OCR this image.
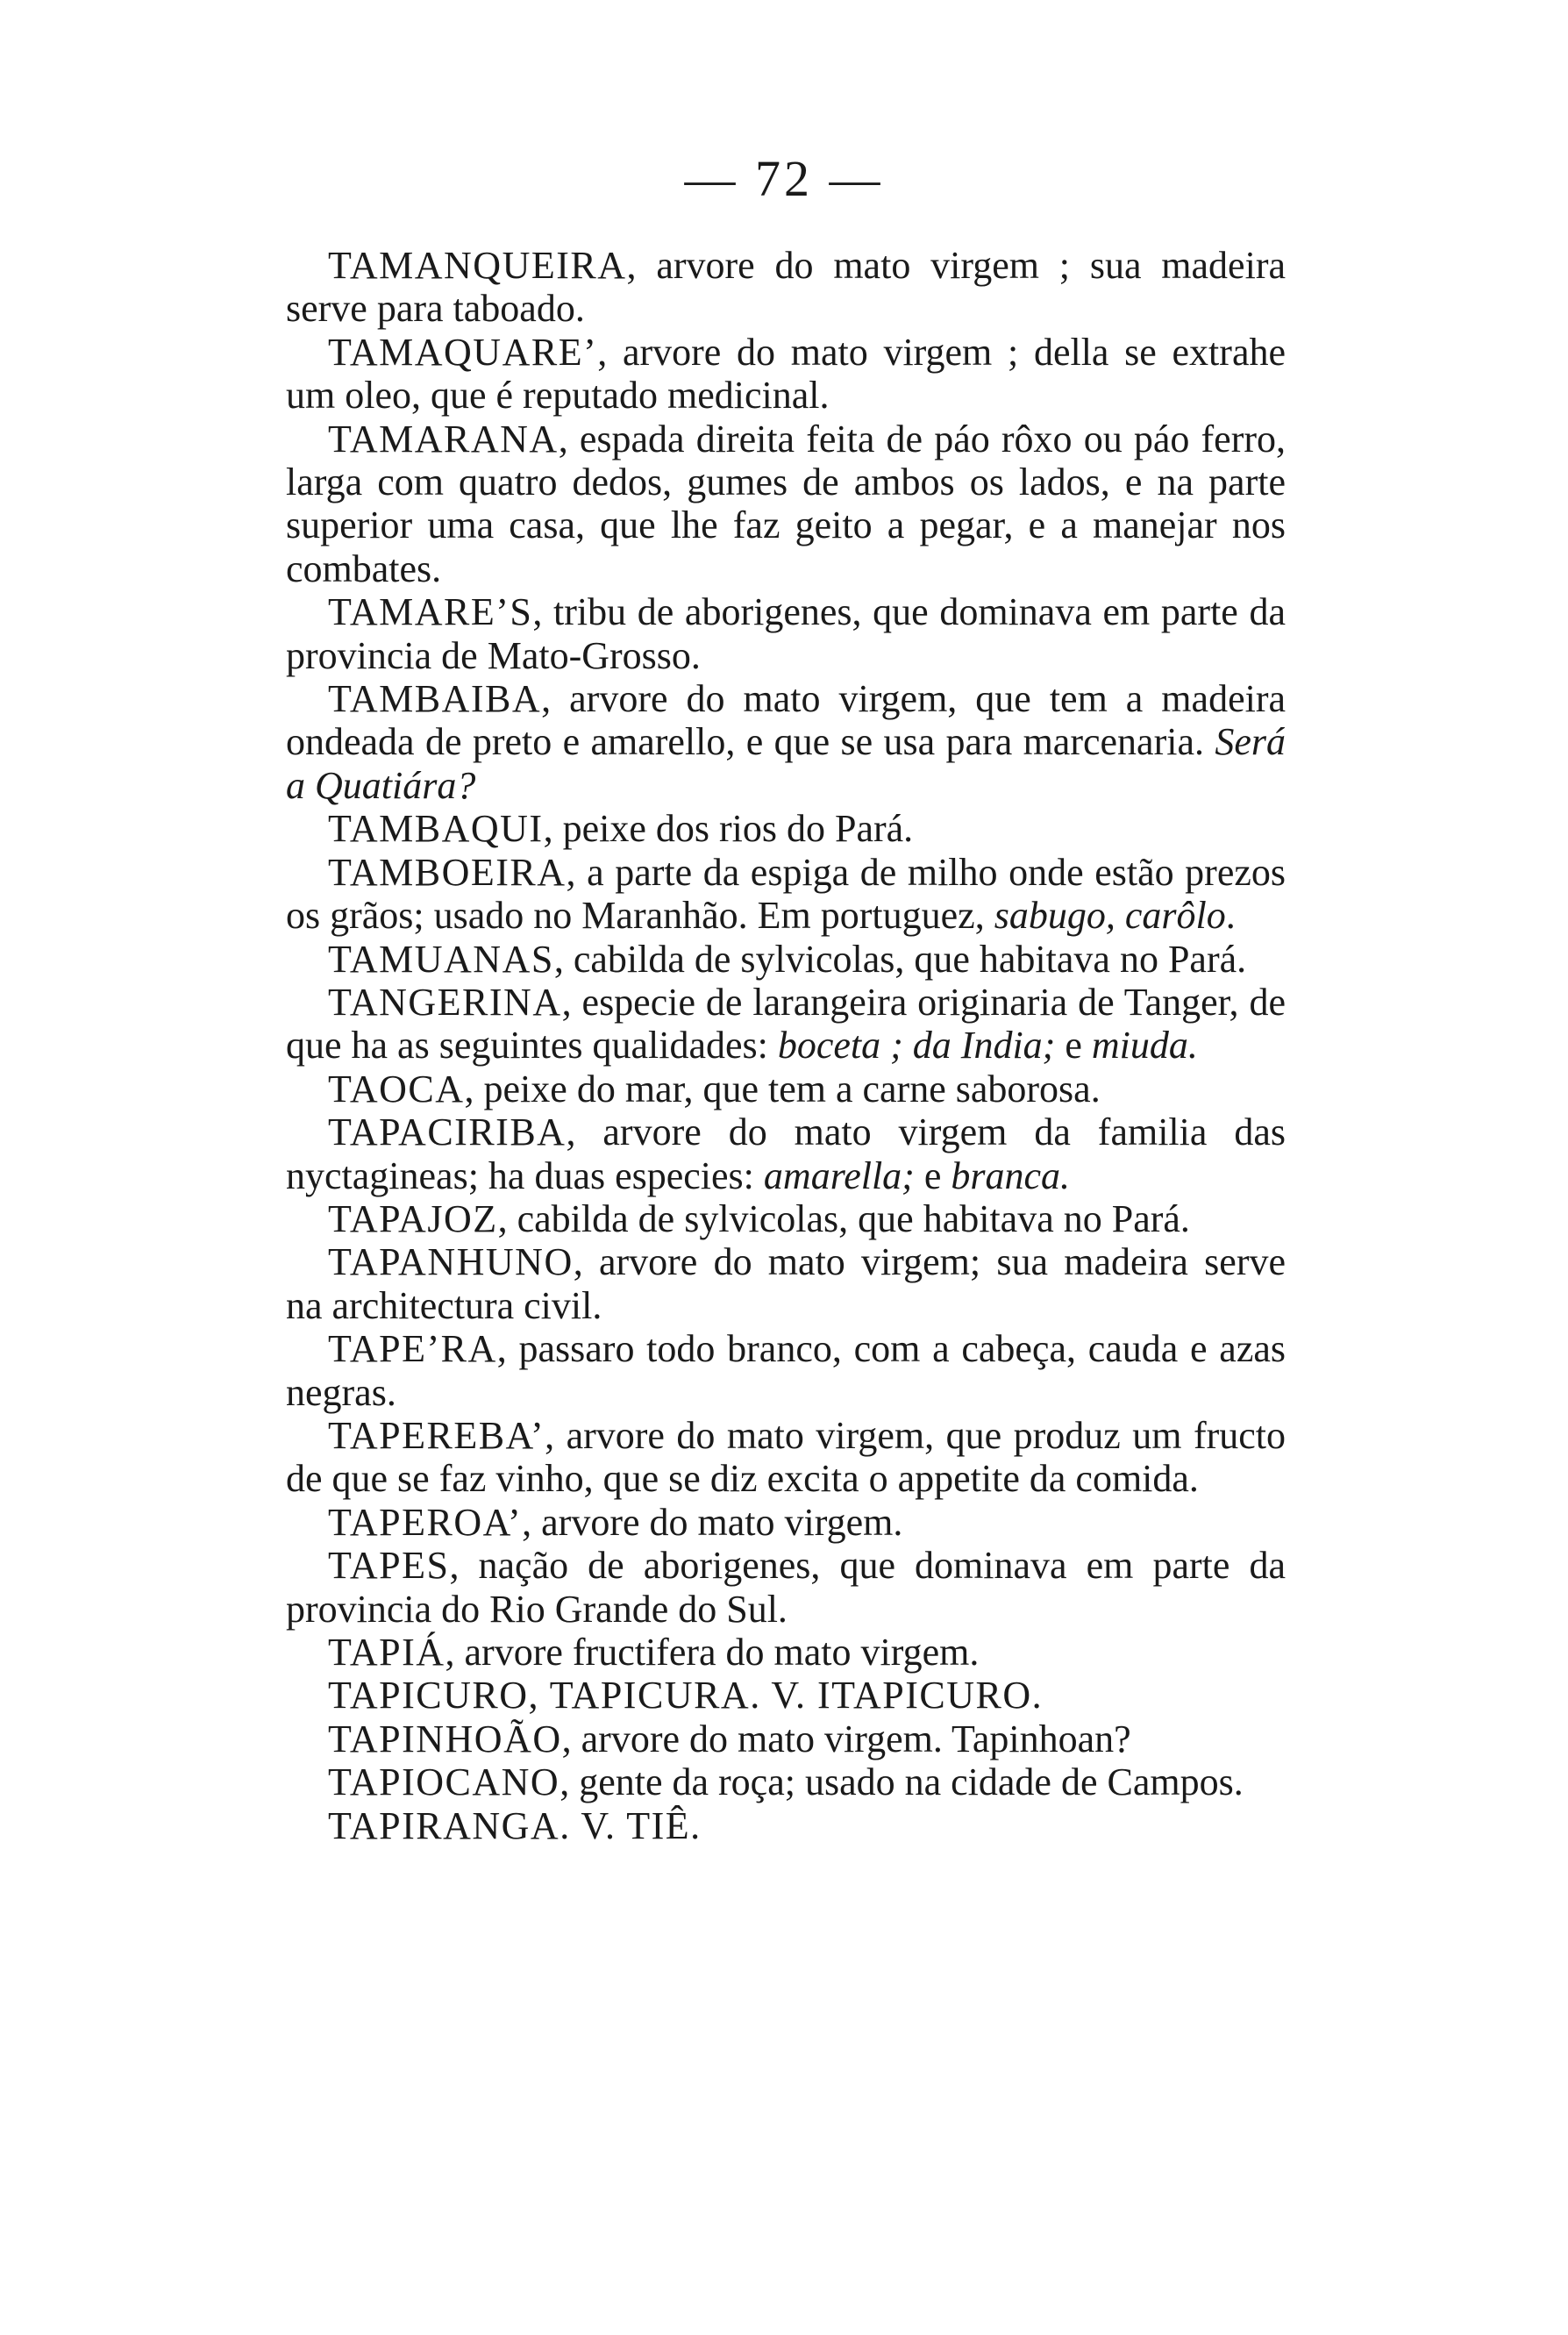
— 72 —

TAMANQUEIRA, arvore do mato virgem ; sua madeira serve para taboado.

TAMAQUARE’, arvore do mato virgem ; della se extrahe um oleo, que é reputado medicinal.

TAMARANA, espada direita feita de páo rôxo ou páo ferro, larga com quatro dedos, gumes de ambos os lados, e na parte superior uma casa, que lhe faz geito a pegar, e a manejar nos combates.

TAMARE’S, tribu de aborigenes, que dominava em parte da provincia de Mato-Grosso.

TAMBAIBA, arvore do mato virgem, que tem a madeira ondeada de preto e amarello, e que se usa para marcenaria. Será a Quatiára?

TAMBAQUI, peixe dos rios do Pará.

TAMBOEIRA, a parte da espiga de milho onde estão prezos os grãos; usado no Maranhão. Em portuguez, sabugo, carôlo.

TAMUANAS, cabilda de sylvicolas, que habitava no Pará.

TANGERINA, especie de larangeira originaria de Tanger, de que ha as seguintes qualidades: boceta ; da India; e miuda.

TAOCA, peixe do mar, que tem a carne saborosa.

TAPACIRIBA, arvore do mato virgem da familia das nyctagineas; ha duas especies: amarella; e branca.

TAPAJOZ, cabilda de sylvicolas, que habitava no Pará.

TAPANHUNO, arvore do mato virgem; sua madeira serve na architectura civil.

TAPE’RA, passaro todo branco, com a cabeça, cauda e azas negras.

TAPEREBA’, arvore do mato virgem, que produz um fructo de que se faz vinho, que se diz excita o appetite da comida.

TAPEROA’, arvore do mato virgem.

TAPES, nação de aborigenes, que dominava em parte da provincia do Rio Grande do Sul.

TAPIÁ, arvore fructifera do mato virgem.

TAPICURO, TAPICURA. V. ITAPICURO.

TAPINHOÃO, arvore do mato virgem. Tapinhoan?

TAPIOCANO, gente da roça; usado na cidade de Campos.

TAPIRANGA. V. TIÊ.
